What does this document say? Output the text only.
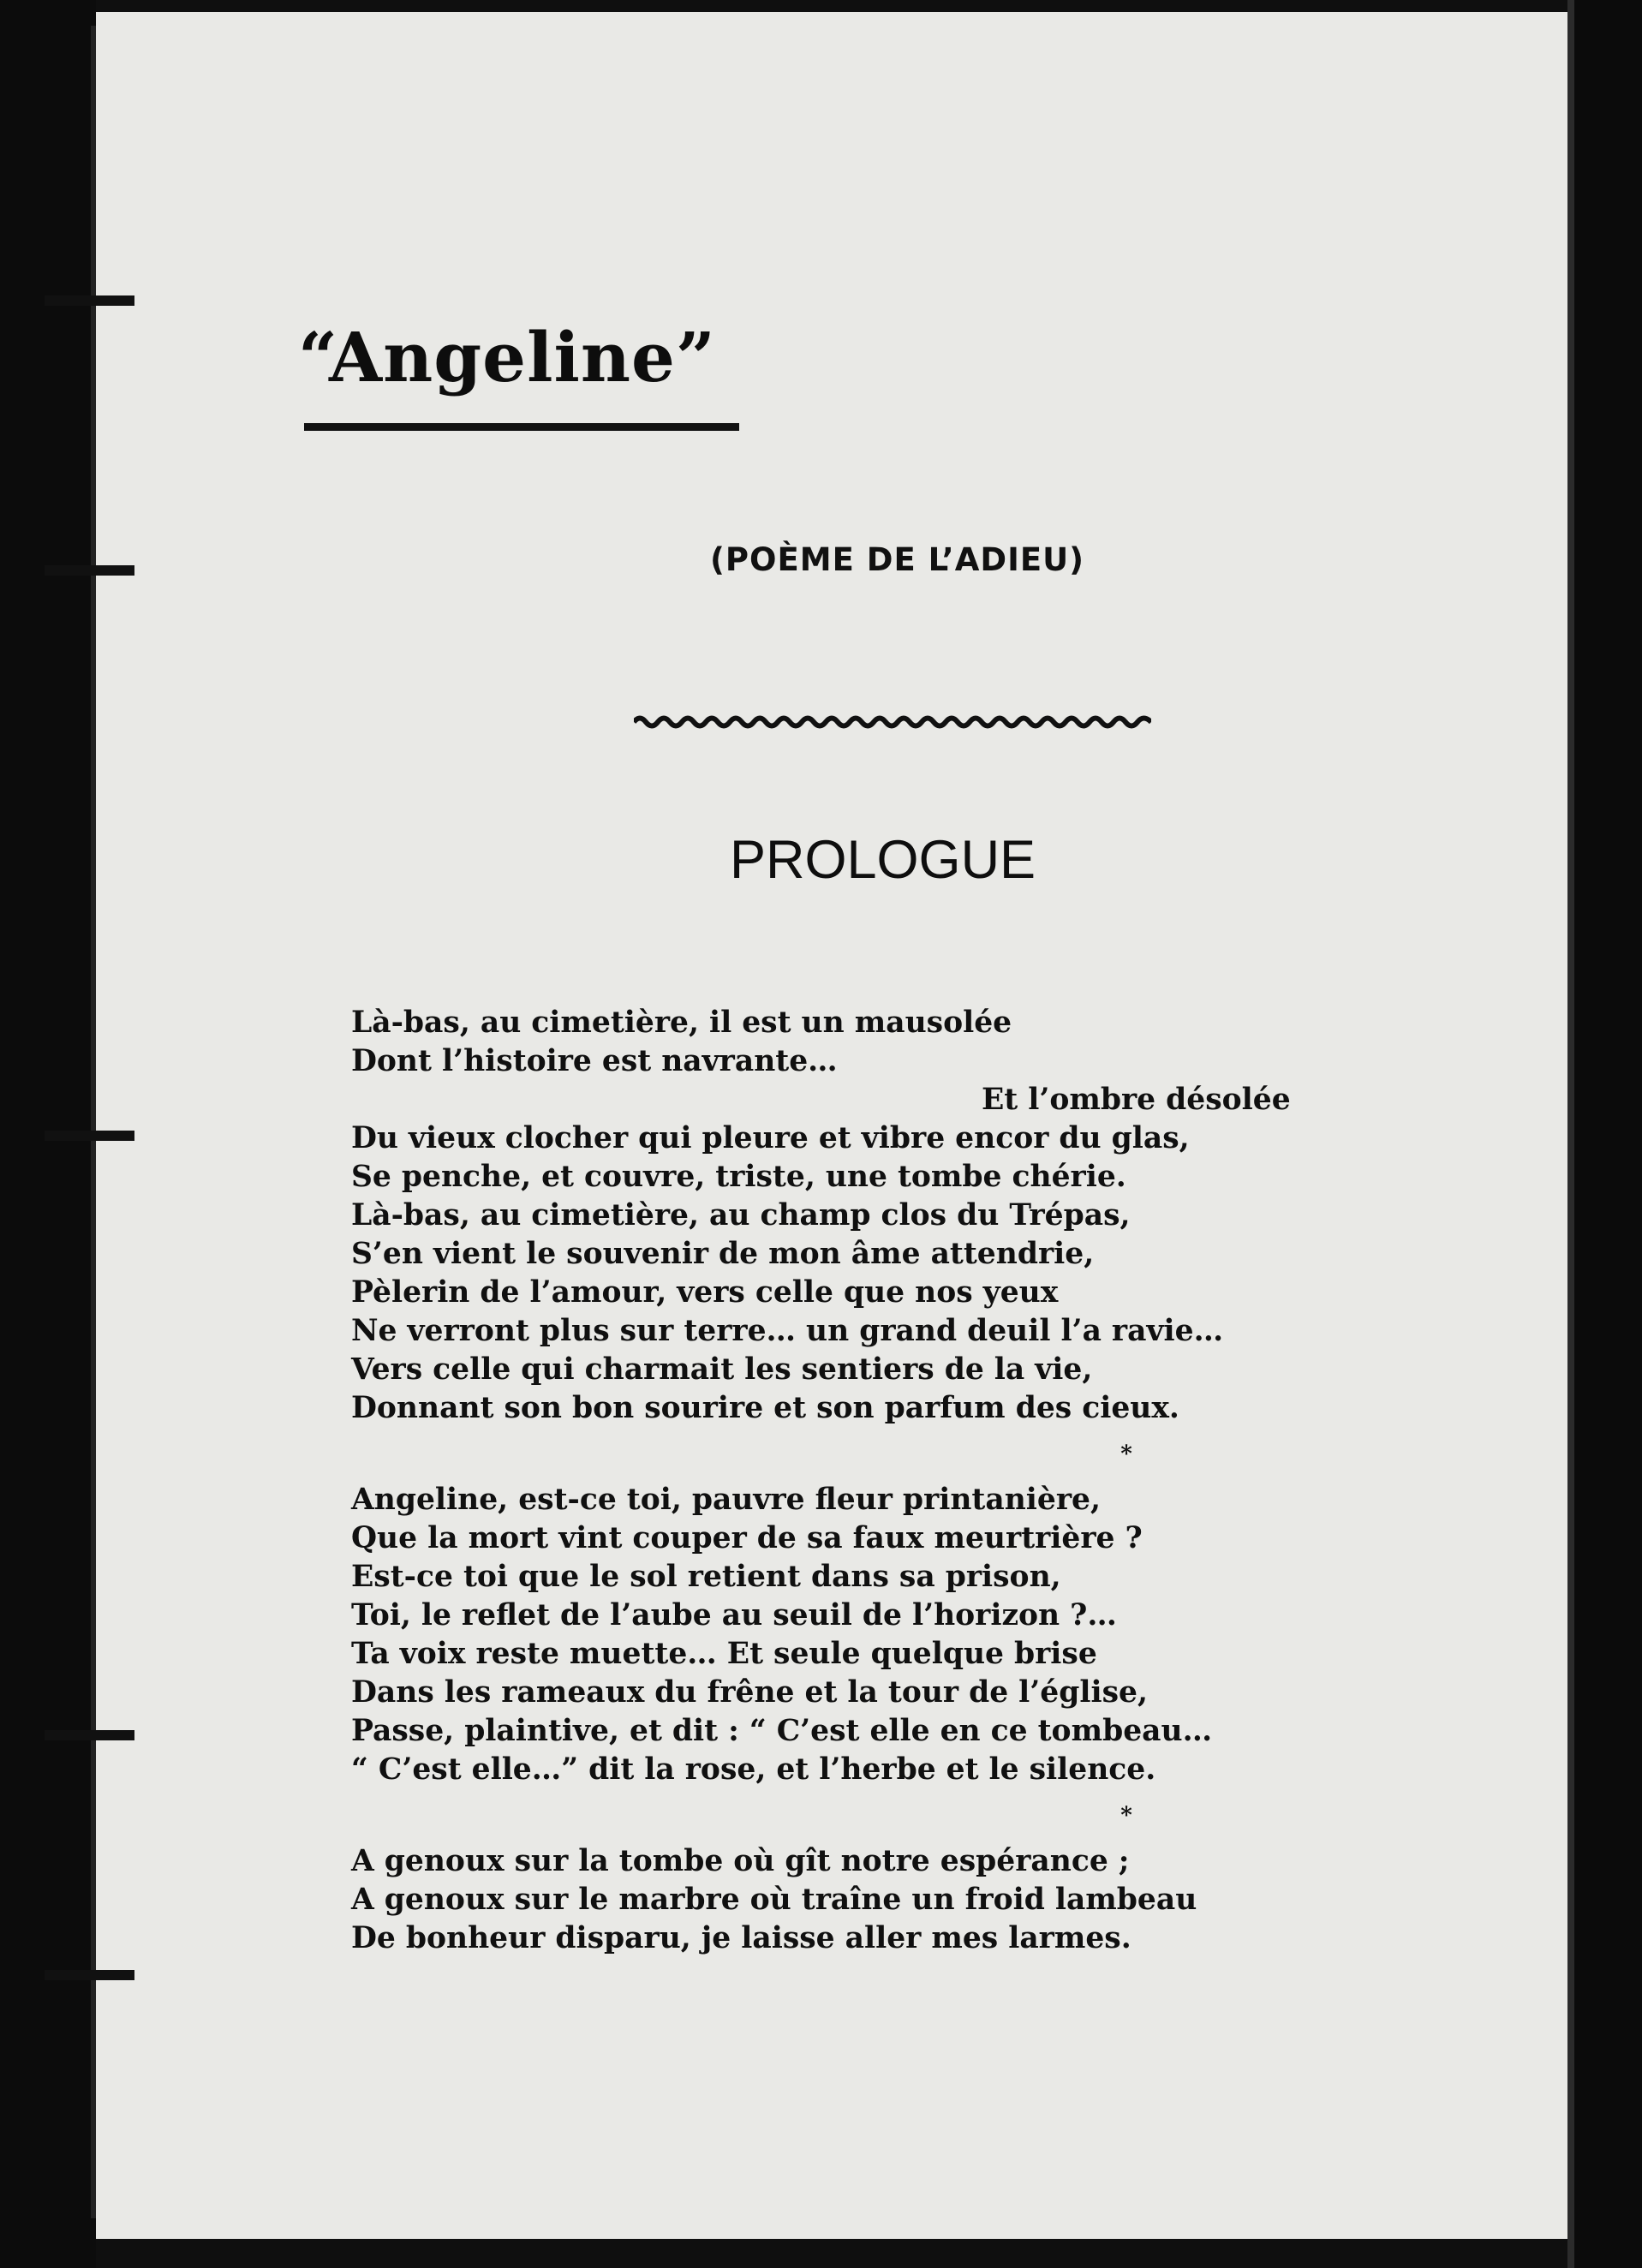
“Angeline”
(POÈME DE L’ADIEU)
PROLOGUE
Là-bas, au cimetière, il est un mausolée
Dont l’histoire est navrante…
Et l’ombre désolée
Du vieux clocher qui pleure et vibre encor du glas,
Se penche, et couvre, triste, une tombe chérie.
Là-bas, au cimetière, au champ clos du Trépas,
S’en vient le souvenir de mon âme attendrie,
Pèlerin de l’amour, vers celle que nos yeux
Ne verront plus sur terre… un grand deuil l’a ravie…
Vers celle qui charmait les sentiers de la vie,
Donnant son bon sourire et son parfum des cieux.
*
Angeline, est-ce toi, pauvre fleur printanière,
Que la mort vint couper de sa faux meurtrière ?
Est-ce toi que le sol retient dans sa prison,
Toi, le reflet de l’aube au seuil de l’horizon ?…
Ta voix reste muette… Et seule quelque brise
Dans les rameaux du frêne et la tour de l’église,
Passe, plaintive, et dit : “ C’est elle en ce tombeau…
“ C’est elle…” dit la rose, et l’herbe et le silence.
*
A genoux sur la tombe où gît notre espérance ;
A genoux sur le marbre où traîne un froid lambeau
De bonheur disparu, je laisse aller mes larmes.
